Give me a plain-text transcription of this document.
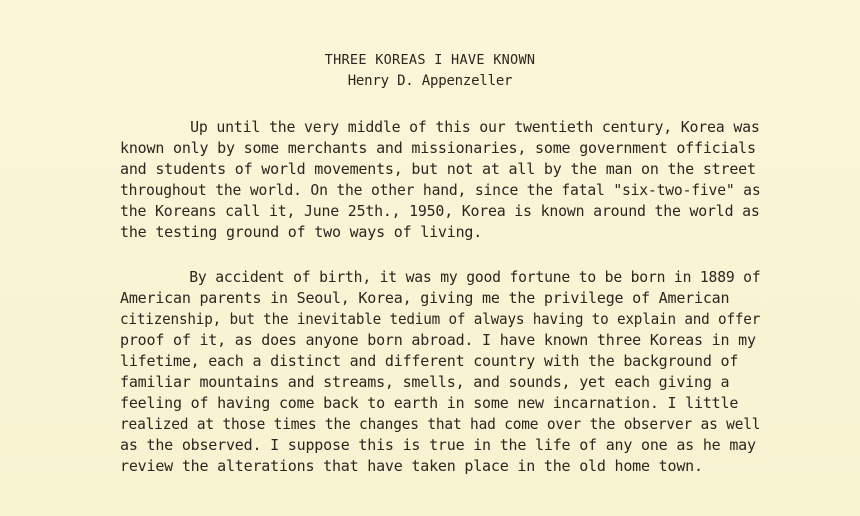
THREE KOREAS I HAVE KNOWN
Henry D. Appenzeller
Up until the very middle of this our twentieth century, Korea was
known only by some merchants and missionaries, some government officials
and students of world movements, but not at all by the man on the street
throughout the world. On the other hand, since the fatal "six-two-five" as
the Koreans call it, June 25th., 1950, Korea is known around the world as
the testing ground of two ways of living.
By accident of birth, it was my good fortune to be born in 1889 of
American parents in Seoul, Korea, giving me the privilege of American
citizenship, but the inevitable tedium of always having to explain and offer
proof of it, as does anyone born abroad. I have known three Koreas in my
lifetime, each a distinct and different country with the background of
familiar mountains and streams, smells, and sounds, yet each giving a
feeling of having come back to earth in some new incarnation. I little
realized at those times the changes that had come over the observer as well
as the observed. I suppose this is true in the life of any one as he may
review the alterations that have taken place in the old home town.
